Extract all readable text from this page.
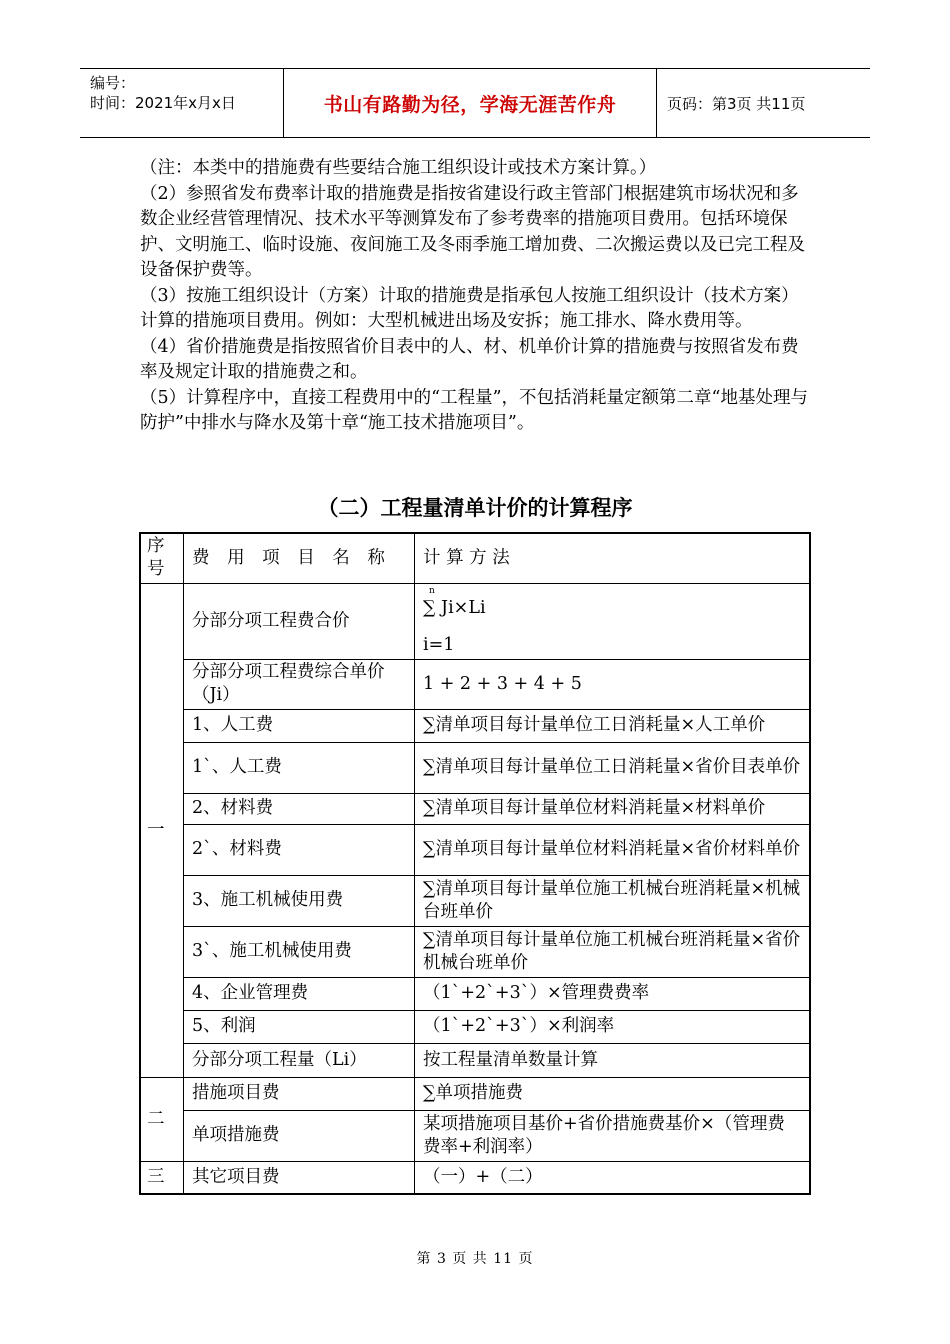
编号：
时间：2021年x月x日	书山有路勤为径，学海无涯苦作舟	页码：第3页 共11页

（注：本类中的措施费有些要结合施工组织设计或技术方案计算。）

（2）参照省发布费率计取的措施费是指按省建设行政主管部门根据建筑市场状况和多数企业经营管理情况、技术水平等测算发布了参考费率的措施项目费用。包括环境保护、文明施工、临时设施、夜间施工及冬雨季施工增加费、二次搬运费以及已完工程及设备保护费等。

（3）按施工组织设计（方案）计取的措施费是指承包人按施工组织设计（技术方案）计算的措施项目费用。例如：大型机械进出场及安拆；施工排水、降水费用等。

（4）省价措施费是指按照省价目表中的人、材、机单价计算的措施费与按照省发布费率及规定计取的措施费之和。

（5）计算程序中，直接工程费用中的“工程量”，不包括消耗量定额第二章“地基处理与防护”中排水与降水及第十章“施工技术措施项目”。

（二）工程量清单计价的计算程序
序号	费 用 项 目 名 称	计 算 方 法
一	分部分项工程费合价	n
∑ Ji×Li
i=1

	分部分项工程费综合单价（Ji）	1 + 2 + 3 + 4 + 5
	1、人工费	∑清单项目每计量单位工日消耗量×人工单价
	1`、人工费	∑清单项目每计量单位工日消耗量×省价目表单价
	2、材料费	∑清单项目每计量单位材料消耗量×材料单价
	2`、材料费	∑清单项目每计量单位材料消耗量×省价材料单价
	3、施工机械使用费	∑清单项目每计量单位施工机械台班消耗量×机械台班单价
	3`、施工机械使用费	∑清单项目每计量单位施工机械台班消耗量×省价机械台班单价
	4、企业管理费	（1`+2`+3`）×管理费费率
	5、利润	（1`+2`+3`）×利润率
	分部分项工程量（Li）	按工程量清单数量计算
二	措施项目费	∑单项措施费
	单项措施费	某项措施项目基价+省价措施费基价×（管理费费率+利润率）
三	其它项目费	（一）+（二）
第 3 页 共 11 页
